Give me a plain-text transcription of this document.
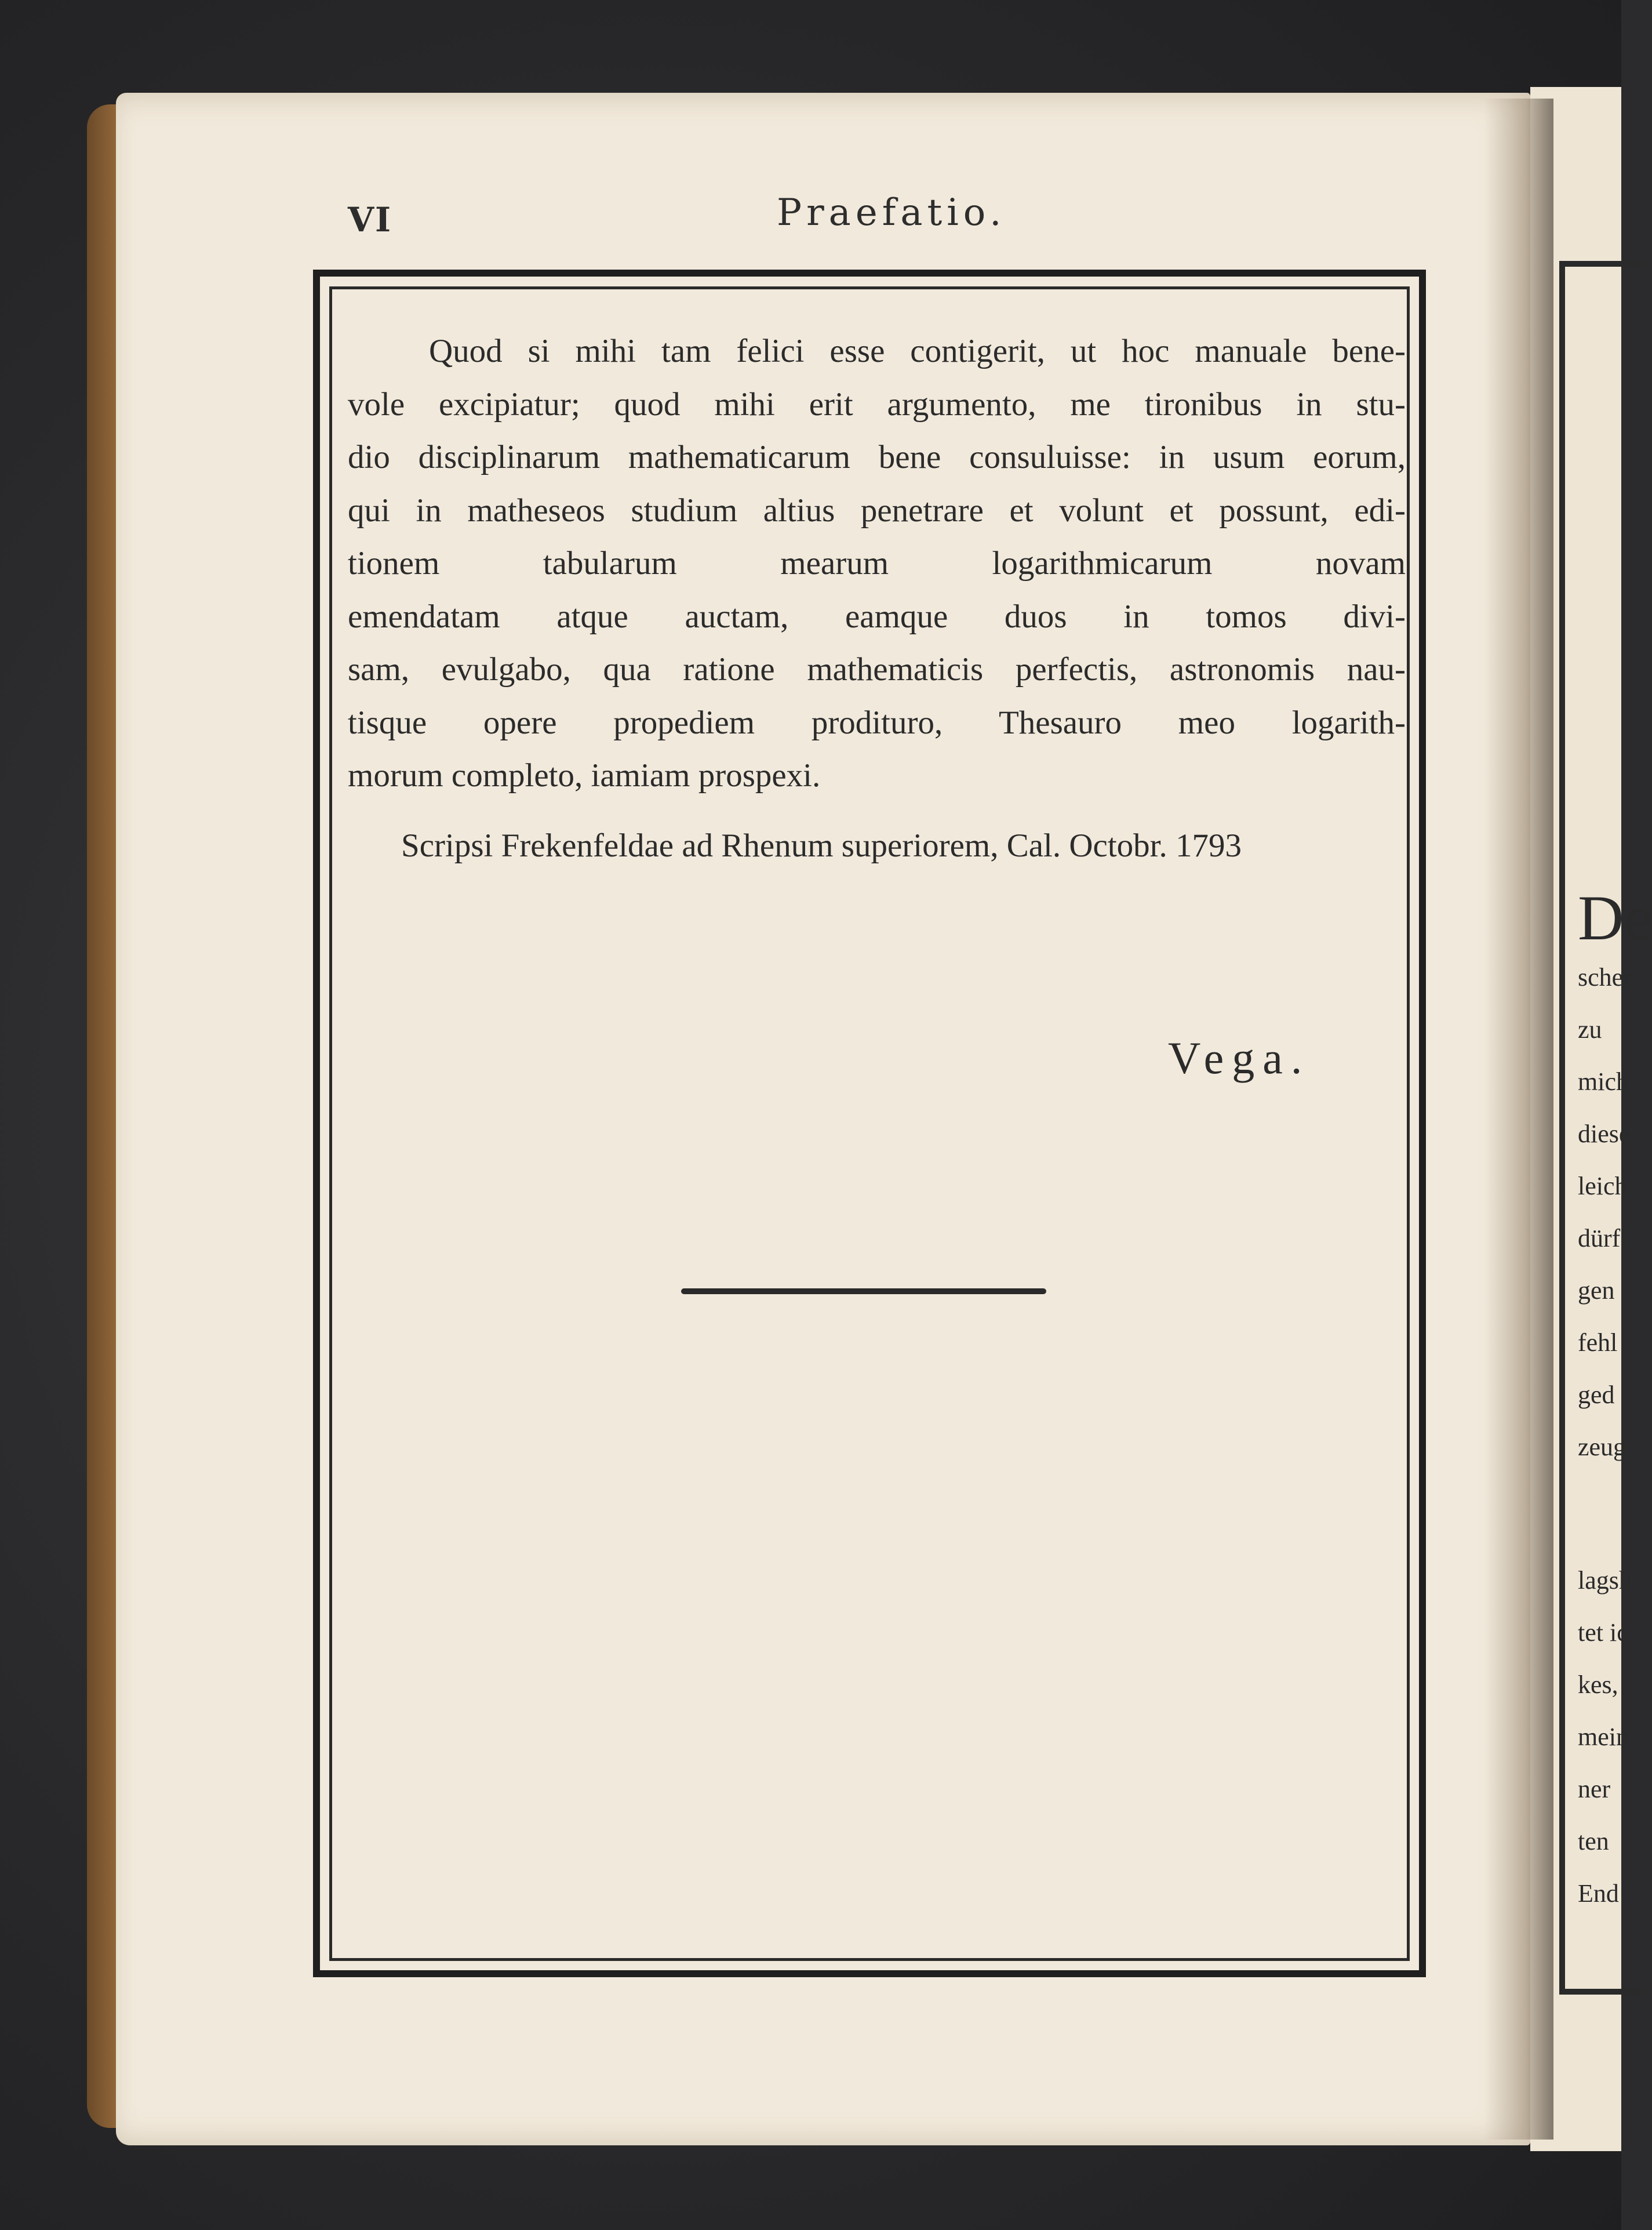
De
scher
zu
mich
diese
leich
dürf
gen
fehl
ged
zeug
lagsh
tet ic
kes,
mein
ner
ten
End
VI	Praefatio.
Quod si mihi tam felici esse contigerit, ut hoc manuale bene-
vole excipiatur; quod mihi erit argumento, me tironibus in stu-
dio disciplinarum mathematicarum bene consuluisse: in usum eorum,
qui in matheseos studium altius penetrare et volunt et possunt, edi-
tionem tabularum mearum logarithmicarum novam
emendatam atque auctam, eamque duos in tomos divi-
sam, evulgabo, qua ratione mathematicis perfectis, astronomis nau-
tisque opere propediem prodituro, Thesauro meo logarith-
morum completo, iamiam prospexi.
Scripsi Frekenfeldae ad Rhenum superiorem, Cal. Octobr. 1793
Vega.
